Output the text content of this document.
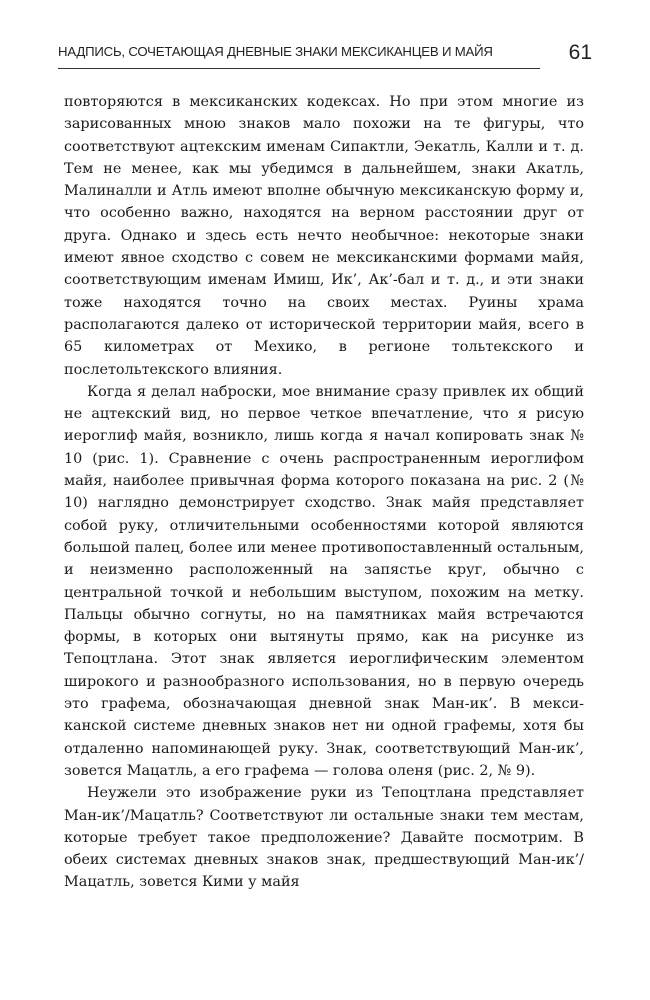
НАДПИСЬ, СОЧЕТАЮЩАЯ ДНЕВНЫЕ ЗНАКИ МЕКСИКАНЦЕВ И МАЙЯ	61

повторяются в мексиканских кодексах. Но при этом многие из зарисованных мною знаков мало похожи на те фигуры, что соответствуют ацтекским именам Сипактли, Эекатль, Калли и т. д. Тем не менее, как мы убедимся в дальнейшем, знаки Акатль, Малиналли и Атль имеют вполне обычную мексиканскую форму и, что особенно важно, находятся на верном расстоянии друг от друга. Однако и здесь есть нечто необычное: некоторые знаки имеют явное сходство с совем не мексиканскими формами майя, соответствующим именам Имиш, Ик’, Ак’-бал и т. д., и эти знаки тоже находятся точно на своих местах. Руины храма располагаются далеко от исторической территории майя, всего в 65 километрах от Мехико, в регионе тольтекского и послетольтекского влияния.

Когда я делал наброски, мое внимание сразу привлек их общий не ацтекский вид, но первое четкое впечатление, что я рисую иероглиф майя, возникло, лишь когда я начал копировать знак № 10 (рис. 1). Сравнение с очень распространенным иероглифом майя, наиболее привычная форма которого показана на рис. 2 (№ 10) наглядно демонстрирует сходство. Знак майя представляет собой руку, отличительными особенностями которой являются большой палец, более или менее противопоставленный остальным, и неизменно расположенный на запястье круг, обычно с центральной точкой и небольшим выступом, похожим на метку. Пальцы обычно согнуты, но на памятниках майя встречаются формы, в которых они вытянуты прямо, как на рисунке из Тепоцтлана. Этот знак является иероглифическим элементом широкого и разнообразного использования, но в первую очередь это графема, обозначающая дневной знак Ман-ик’. В мексиканской системе дневных знаков нет ни одной графемы, хотя бы отдаленно напоминающей руку. Знак, соответствующий Ман-ик’, зовется Мацатль, а его графема — голова оленя (рис. 2, № 9).

Неужели это изображение руки из Тепоцтлана представляет Ман-ик’/Мацатль? Соответствуют ли остальные знаки тем местам, которые требует такое предположение? Давайте посмотрим. В обеих системах дневных знаков знак, предшествующий Ман-ик’/Мацатль, зовется Кими у майя
